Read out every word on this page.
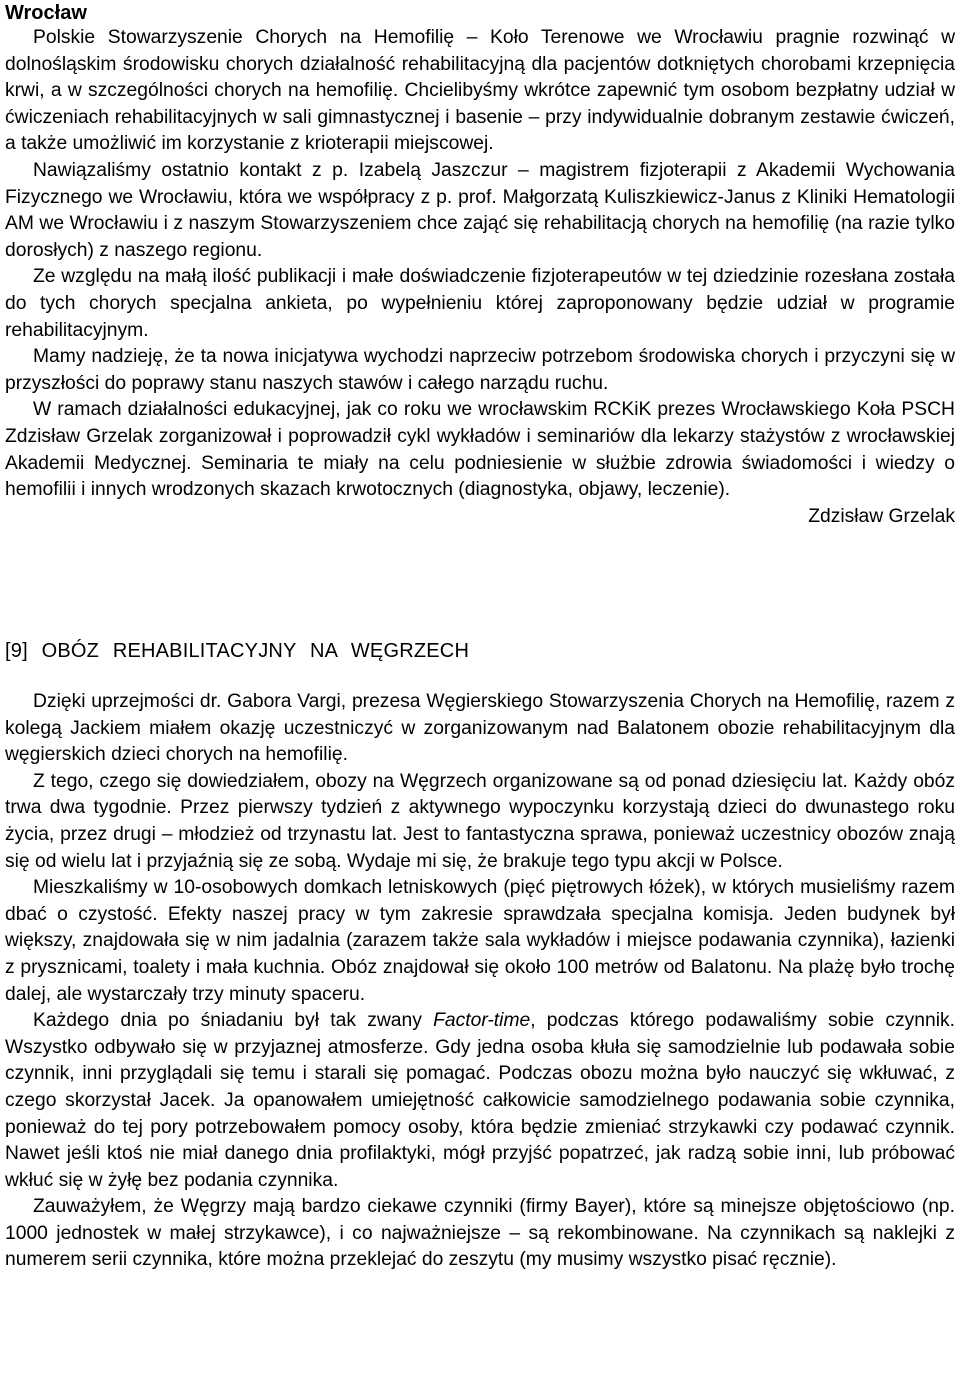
Wrocław

Polskie Stowarzyszenie Chorych na Hemofilię – Koło Terenowe we Wrocławiu pragnie rozwinąć w dolnośląskim środowisku chorych działalność rehabilitacyjną dla pacjentów dotkniętych chorobami krzepnięcia krwi, a w szczególności chorych na hemofilię. Chcielibyśmy wkrótce zapewnić tym osobom bezpłatny udział w ćwiczeniach rehabilitacyjnych w sali gimnastycznej i basenie – przy indywidualnie dobranym zestawie ćwiczeń, a także umożliwić im korzystanie z krioterapii miejscowej.

Nawiązaliśmy ostatnio kontakt z p. Izabelą Jaszczur – magistrem fizjoterapii z Akademii Wychowania Fizycznego we Wrocławiu, która we współpracy z p. prof. Małgorzatą Kuliszkiewicz-Janus z Kliniki Hematologii AM we Wrocławiu i z naszym Stowarzyszeniem chce zająć się rehabilitacją chorych na hemofilię (na razie tylko dorosłych) z naszego regionu.

Ze względu na małą ilość publikacji i małe doświadczenie fizjoterapeutów w tej dziedzinie rozesłana została do tych chorych specjalna ankieta, po wypełnieniu której zaproponowany będzie udział w programie rehabilitacyjnym.

Mamy nadzieję, że ta nowa inicjatywa wychodzi naprzeciw potrzebom środowiska chorych i przyczyni się w przyszłości do poprawy stanu naszych stawów i całego narządu ruchu.

W ramach działalności edukacyjnej, jak co roku we wrocławskim RCKiK prezes Wrocławskiego Koła PSCH Zdzisław Grzelak zorganizował i poprowadził cykl wykładów i seminariów dla lekarzy stażystów z wrocławskiej Akademii Medycznej. Seminaria te miały na celu podniesienie w służbie zdrowia świadomości i wiedzy o hemofilii i innych wrodzonych skazach krwotocznych (diagnostyka, objawy, leczenie).

Zdzisław Grzelak

[9] OBÓZ REHABILITACYJNY NA WĘGRZECH

Dzięki uprzejmości dr. Gabora Vargi, prezesa Węgierskiego Stowarzyszenia Chorych na Hemofilię, razem z kolegą Jackiem miałem okazję uczestniczyć w zorganizowanym nad Balatonem obozie rehabilitacyjnym dla węgierskich dzieci chorych na hemofilię.

Z tego, czego się dowiedziałem, obozy na Węgrzech organizowane są od ponad dziesięciu lat. Każdy obóz trwa dwa tygodnie. Przez pierwszy tydzień z aktywnego wypoczynku korzystają dzieci do dwunastego roku życia, przez drugi – młodzież od trzynastu lat. Jest to fantastyczna sprawa, ponieważ uczestnicy obozów znają się od wielu lat i przyjaźnią się ze sobą. Wydaje mi się, że brakuje tego typu akcji w Polsce.

Mieszkaliśmy w 10-osobowych domkach letniskowych (pięć piętrowych łóżek), w których musieliśmy razem dbać o czystość. Efekty naszej pracy w tym zakresie sprawdzała specjalna komisja. Jeden budynek był większy, znajdowała się w nim jadalnia (zarazem także sala wykładów i miejsce podawania czynnika), łazienki z prysznicami, toalety i mała kuchnia. Obóz znajdował się około 100 metrów od Balatonu. Na plażę było trochę dalej, ale wystarczały trzy minuty spaceru.

Każdego dnia po śniadaniu był tak zwany Factor-time, podczas którego podawaliśmy sobie czynnik. Wszystko odbywało się w przyjaznej atmosferze. Gdy jedna osoba kłuła się samodzielnie lub podawała sobie czynnik, inni przyglądali się temu i starali się pomagać. Podczas obozu można było nauczyć się wkłuwać, z czego skorzystał Jacek. Ja opanowałem umiejętność całkowicie samodzielnego podawania sobie czynnika, ponieważ do tej pory potrzebowałem pomocy osoby, która będzie zmieniać strzykawki czy podawać czynnik. Nawet jeśli ktoś nie miał danego dnia profilaktyki, mógł przyjść popatrzeć, jak radzą sobie inni, lub próbować wkłuć się w żyłę bez podania czynnika.

Zauważyłem, że Węgrzy mają bardzo ciekawe czynniki (firmy Bayer), które są minejsze objętościowo (np. 1000 jednostek w małej strzykawce), i co najważniejsze – są rekombinowane. Na czynnikach są naklejki z numerem serii czynnika, które można przeklejać do zeszytu (my musimy wszystko pisać ręcznie).
